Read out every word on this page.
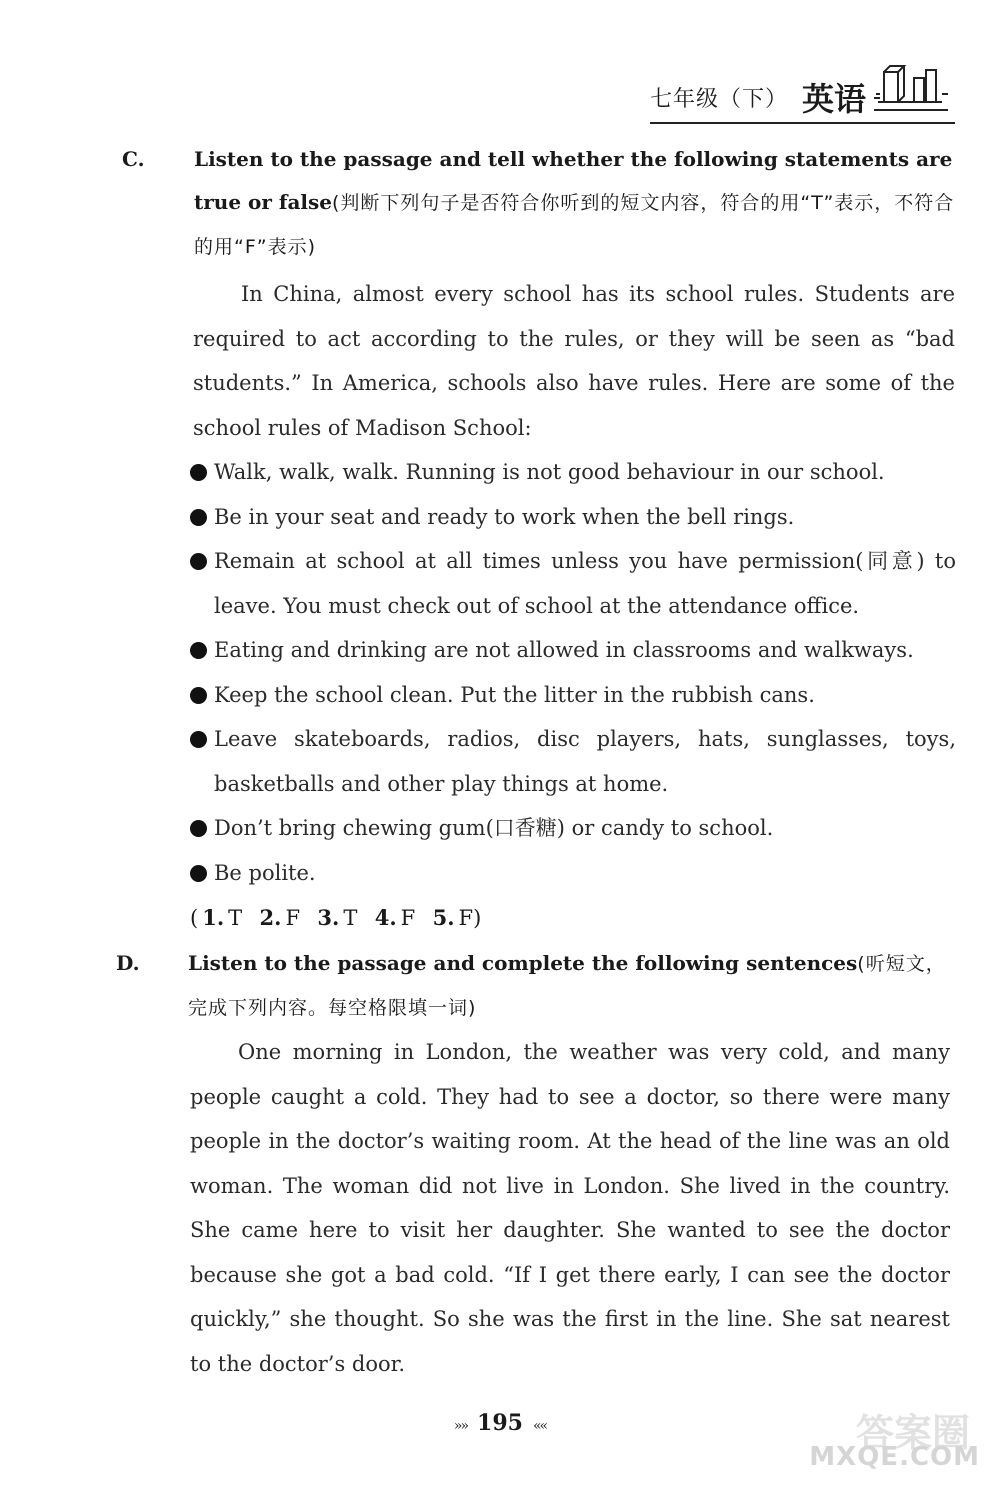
七年级（下） 英语
C. Listen to the passage and tell whether the following statements are true or false(判断下列句子是否符合你听到的短文内容，符合的用“T”表示，不符合的用“F”表示)
In China, almost every school has its school rules. Students are required to act according to the rules, or they will be seen as “bad students.” In America, schools also have rules. Here are some of the school rules of Madison School:
Walk, walk, walk. Running is not good behaviour in our school.
Be in your seat and ready to work when the bell rings.
Remain at school at all times unless you have permission(同意) to leave. You must check out of school at the attendance office.
Eating and drinking are not allowed in classrooms and walkways.
Keep the school clean. Put the litter in the rubbish cans.
Leave skateboards, radios, disc players, hats, sunglasses, toys, basketballs and other play things at home.
Don’t bring chewing gum(口香糖) or candy to school.
Be polite.
( 1. T 2. F 3. T 4. F 5. F)
D. Listen to the passage and complete the following sentences(听短文，完成下列内容。每空格限填一词)
One morning in London, the weather was very cold, and many people caught a cold. They had to see a doctor, so there were many people in the doctor’s waiting room. At the head of the line was an old woman. The woman did not live in London. She lived in the country. She came here to visit her daughter. She wanted to see the doctor because she got a bad cold. “If I get there early, I can see the doctor quickly,” she thought. So she was the first in the line. She sat nearest to the doctor’s door.
»» 195 ««	答案圈
MXQE.COM
